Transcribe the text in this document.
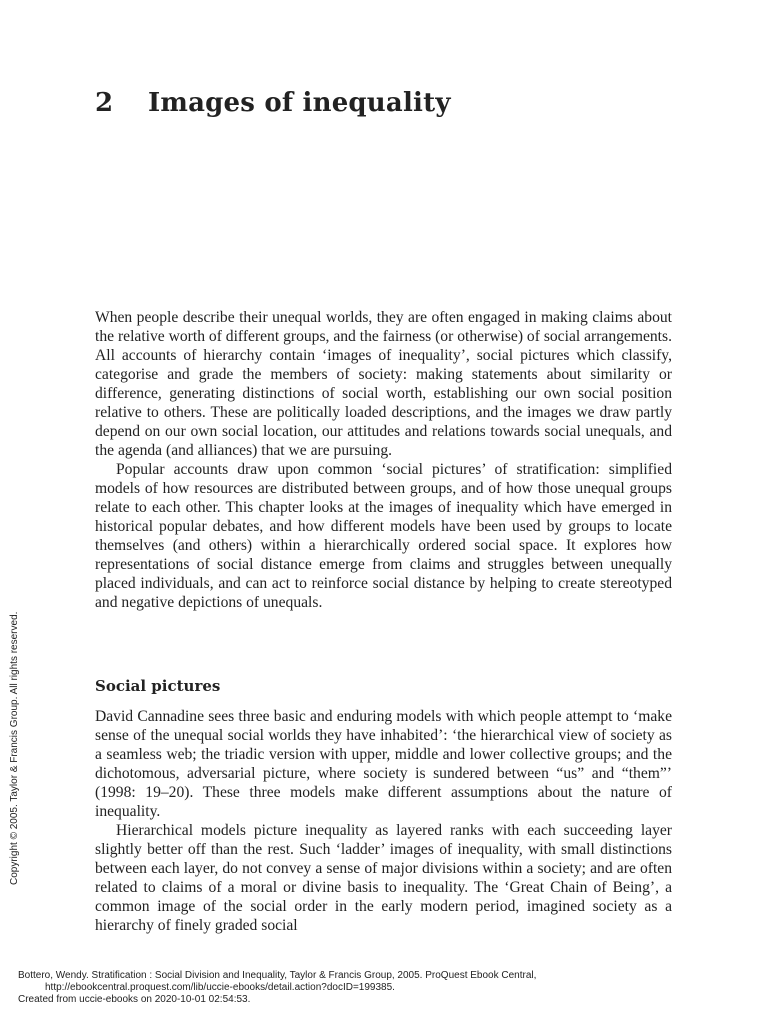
2 Images of inequality

When people describe their unequal worlds, they are often engaged in making claims about the relative worth of different groups, and the fairness (or otherwise) of social arrangements. All accounts of hierarchy contain ‘images of inequality’, social pictures which classify, categorise and grade the members of society: making statements about similarity or difference, generating distinctions of social worth, establishing our own social position relative to others. These are politically loaded descriptions, and the images we draw partly depend on our own social location, our attitudes and relations towards social unequals, and the agenda (and alliances) that we are pursuing.

Popular accounts draw upon common ‘social pictures’ of stratification: simplified models of how resources are distributed between groups, and of how those unequal groups relate to each other. This chapter looks at the images of inequality which have emerged in historical popular debates, and how different models have been used by groups to locate themselves (and others) within a hierarchically ordered social space. It explores how representations of social distance emerge from claims and struggles between unequally placed individuals, and can act to reinforce social distance by helping to create stereotyped and negative depictions of unequals.

Social pictures

David Cannadine sees three basic and enduring models with which people attempt to ‘make sense of the unequal social worlds they have inhabited’: ‘the hierarchical view of society as a seamless web; the triadic version with upper, middle and lower collective groups; and the dichotomous, adversarial picture, where society is sundered between “us” and “them”’ (1998: 19–20). These three models make different assumptions about the nature of inequality.

Hierarchical models picture inequality as layered ranks with each succeeding layer slightly better off than the rest. Such ‘ladder’ images of inequality, with small distinctions between each layer, do not convey a sense of major divisions within a society; and are often related to claims of a moral or divine basis to inequality. The ‘Great Chain of Being’, a common image of the social order in the early modern period, imagined society as a hierarchy of finely graded social

Copyright © 2005. Taylor & Francis Group. All rights reserved.
Bottero, Wendy. Stratification : Social Division and Inequality, Taylor & Francis Group, 2005. ProQuest Ebook Central,
http://ebookcentral.proquest.com/lib/uccie-ebooks/detail.action?docID=199385.
Created from uccie-ebooks on 2020-10-01 02:54:53.
